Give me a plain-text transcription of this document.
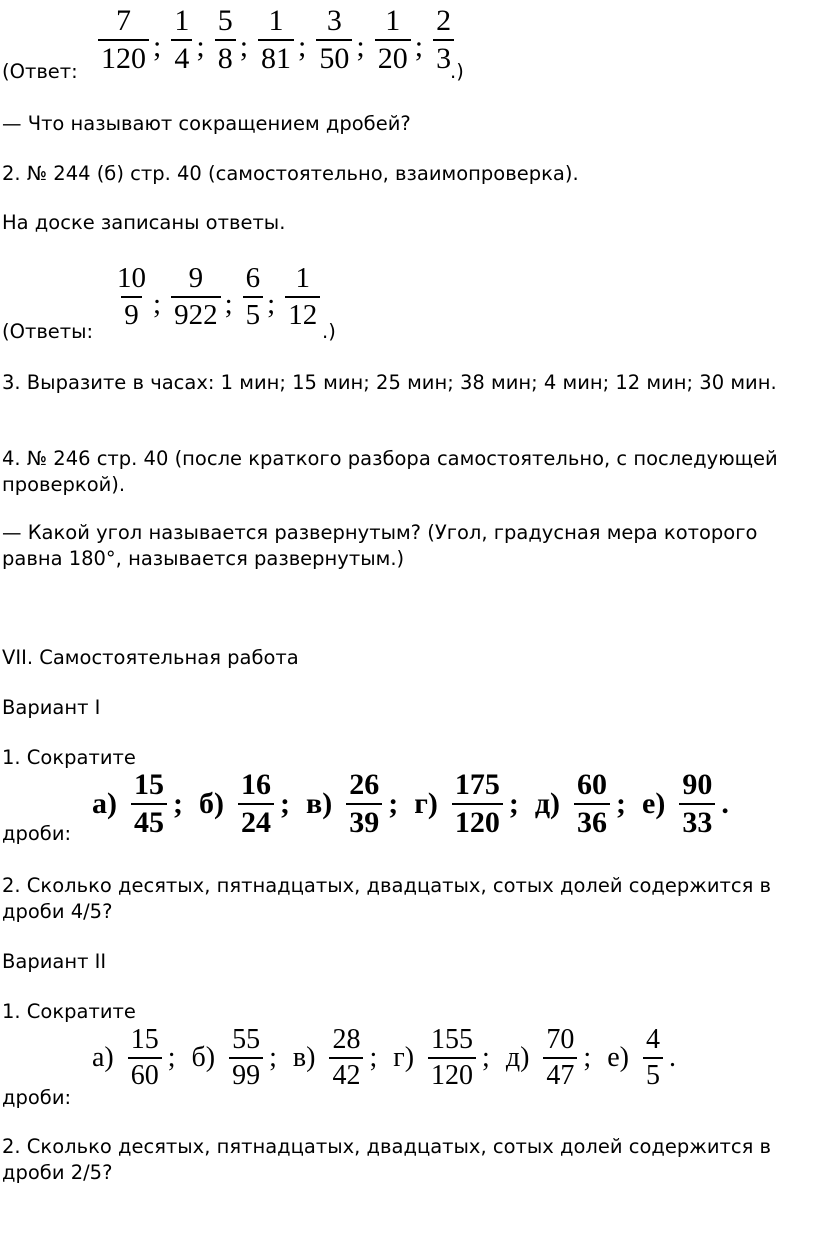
(Ответ: $\frac{7}{120}$ ; $\frac{1}{4}$ ; $\frac{5}{8}$ ; $\frac{1}{81}$ ; $\frac{3}{50}$ ; $\frac{1}{20}$ ; $\frac{2}{3}$
.)
— Что называют сокращением дробей?
2. № 244 (б) стр. 40 (самостоятельно, взаимопроверка).
На доске записаны ответы.
(Ответы:
$\frac{10}{9}$ ; $\frac{9}{922}$ ; $\frac{6}{5}$ ; $\frac{1}{12}$
.)
3. Выразите в часах: 1 мин; 15 мин; 25 мин; 38 мин; 4 мин; 12 мин; 30 мин.
4. № 246 стр. 40 (после краткого разбора самостоятельно, с последующей проверкой).
— Какой угол называется развернутым? (Угол, градусная мера которого равна 180°, называется развернутым.)
VII. Самостоятельная работа
Вариант I
1. Сократите
дроби:
$а) \frac{15}{45}$ ; $б) \frac{16}{24}$ ; $в) \frac{26}{39}$ ; $г) \frac{175}{120}$ ; $д) \frac{60}{36}$ ; $е) \frac{90}{33}$ .
2. Сколько десятых, пятнадцатых, двадцатых, сотых долей содержится в дроби 4/5?
Вариант II
1. Сократите
дроби:
$а) \frac{15}{60}$ ; $б) \frac{55}{99}$ ; $в) \frac{28}{42}$ ; $г) \frac{155}{120}$ ; $д) \frac{70}{47}$ ; $е) \frac{4}{5}$ .
2. Сколько десятых, пятнадцатых, двадцатых, сотых долей содержится в дроби 2/5?
